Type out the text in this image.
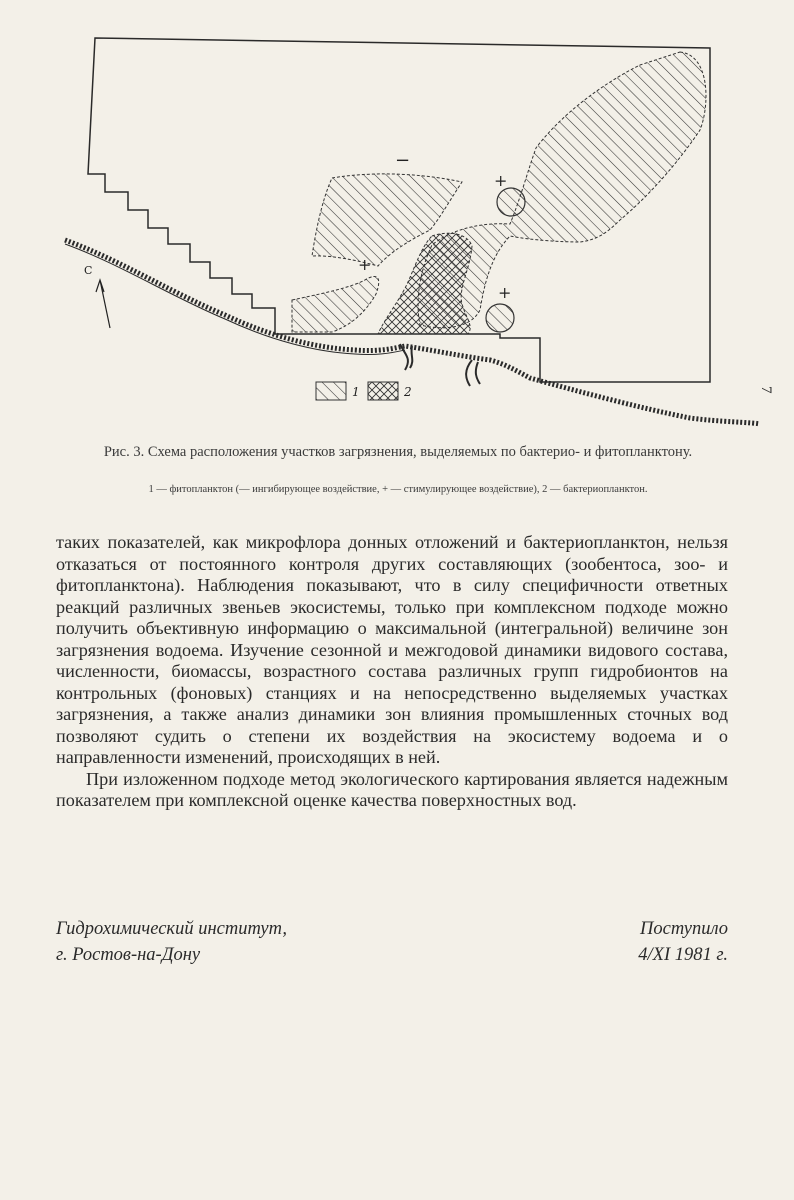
−
+
+
+
С
1	2	7
Рис. 3. Схема расположения участков загрязнения, выделяемых по бактерио- и фитопланктону.
1 — фитопланктон (— ингибирующее воздействие, + — стимулирующее воздействие), 2 — бактериопланктон.

таких показателей, как микрофлора донных отложений и бактериопланктон, нельзя отказаться от постоянного контроля других составляющих (зообентоса, зоо- и фитопланктона). Наблюдения показывают, что в силу специфичности ответных реакций различных звеньев экосистемы, только при комплексном подходе можно получить объективную информацию о максимальной (интегральной) величине зон загрязнения водоема. Изучение сезонной и межгодовой динамики видового состава, численности, биомассы, возрастного состава различных групп гидробионтов на контрольных (фоновых) станциях и на непосредственно выделяемых участках загрязнения, а также анализ динамики зон влияния промышленных сточных вод позволяют судить о степени их воздействия на экосистему водоема и о направленности изменений, происходящих в ней.

При изложенном подходе метод экологического картирования является надежным показателем при комплексной оценке качества поверхностных вод.

Гидрохимический институт,
г. Ростов-на-Дону
Поступило
4/XI 1981 г.
